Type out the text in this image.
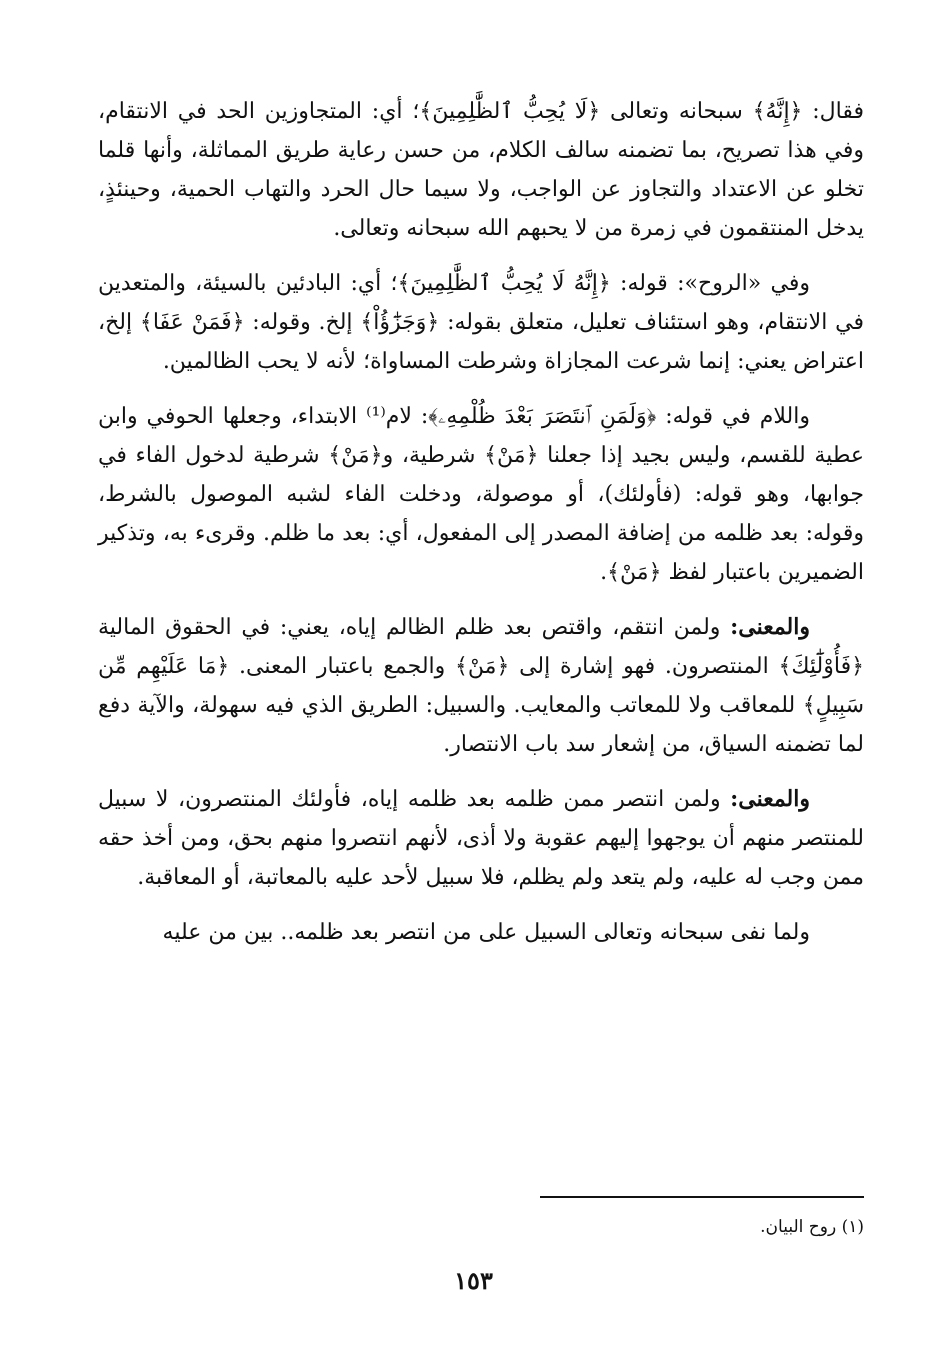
فقال: ﴿إِنَّهُ﴾ سبحانه وتعالى ﴿لَا يُحِبُّ ٱلظَّٰلِمِينَ﴾؛ أي: المتجاوزين الحد في الانتقام، وفي هذا تصريح، بما تضمنه سالف الكلام، من حسن رعاية طريق المماثلة، وأنها قلما تخلو عن الاعتداد والتجاوز عن الواجب، ولا سيما حال الحرد والتهاب الحمية، وحينئذٍ، يدخل المنتقمون في زمرة من لا يحبهم الله سبحانه وتعالى.

وفي «الروح»: قوله: ﴿إِنَّهُ لَا يُحِبُّ ٱلظَّٰلِمِينَ﴾؛ أي: البادئين بالسيئة، والمتعدين في الانتقام، وهو استئناف تعليل، متعلق بقوله: ﴿وَجَزَٰٓؤُاْ﴾ إلخ. وقوله: ﴿فَمَنْ عَفَا﴾ إلخ، اعتراض يعني: إنما شرعت المجازاة وشرطت المساواة؛ لأنه لا يحب الظالمين.

واللام في قوله: ﴿وَلَمَنِ ٱنتَصَرَ بَعْدَ ظُلْمِهِۦ﴾: لام⁽¹⁾ الابتداء، وجعلها الحوفي وابن عطية للقسم، وليس بجيد إذا جعلنا ﴿مَنْ﴾ شرطية، و﴿مَنْ﴾ شرطية لدخول الفاء في جوابها، وهو قوله: (فأولئك)، أو موصولة، ودخلت الفاء لشبه الموصول بالشرط، وقوله: بعد ظلمه من إضافة المصدر إلى المفعول، أي: بعد ما ظلم. وقرىء به، وتذكير الضميرين باعتبار لفظ ﴿مَنْ﴾.

والمعنى: ولمن انتقم، واقتص بعد ظلم الظالم إياه، يعني: في الحقوق المالية ﴿فَأُوْلَٰٓئِكَ﴾ المنتصرون. فهو إشارة إلى ﴿مَنْ﴾ والجمع باعتبار المعنى. ﴿مَا عَلَيْهِم مِّن سَبِيلٍ﴾ للمعاقب ولا للمعاتب والمعايب. والسبيل: الطريق الذي فيه سهولة، والآية دفع لما تضمنه السياق، من إشعار سد باب الانتصار.

والمعنى: ولمن انتصر ممن ظلمه بعد ظلمه إياه، فأولئك المنتصرون، لا سبيل للمنتصر منهم أن يوجهوا إليهم عقوبة ولا أذى، لأنهم انتصروا منهم بحق، ومن أخذ حقه ممن وجب له عليه، ولم يتعد ولم يظلم، فلا سبيل لأحد عليه بالمعاتبة، أو المعاقبة.

ولما نفى سبحانه وتعالى السبيل على من انتصر بعد ظلمه.. بين من عليه

(١) روح البيان.
١٥٣
